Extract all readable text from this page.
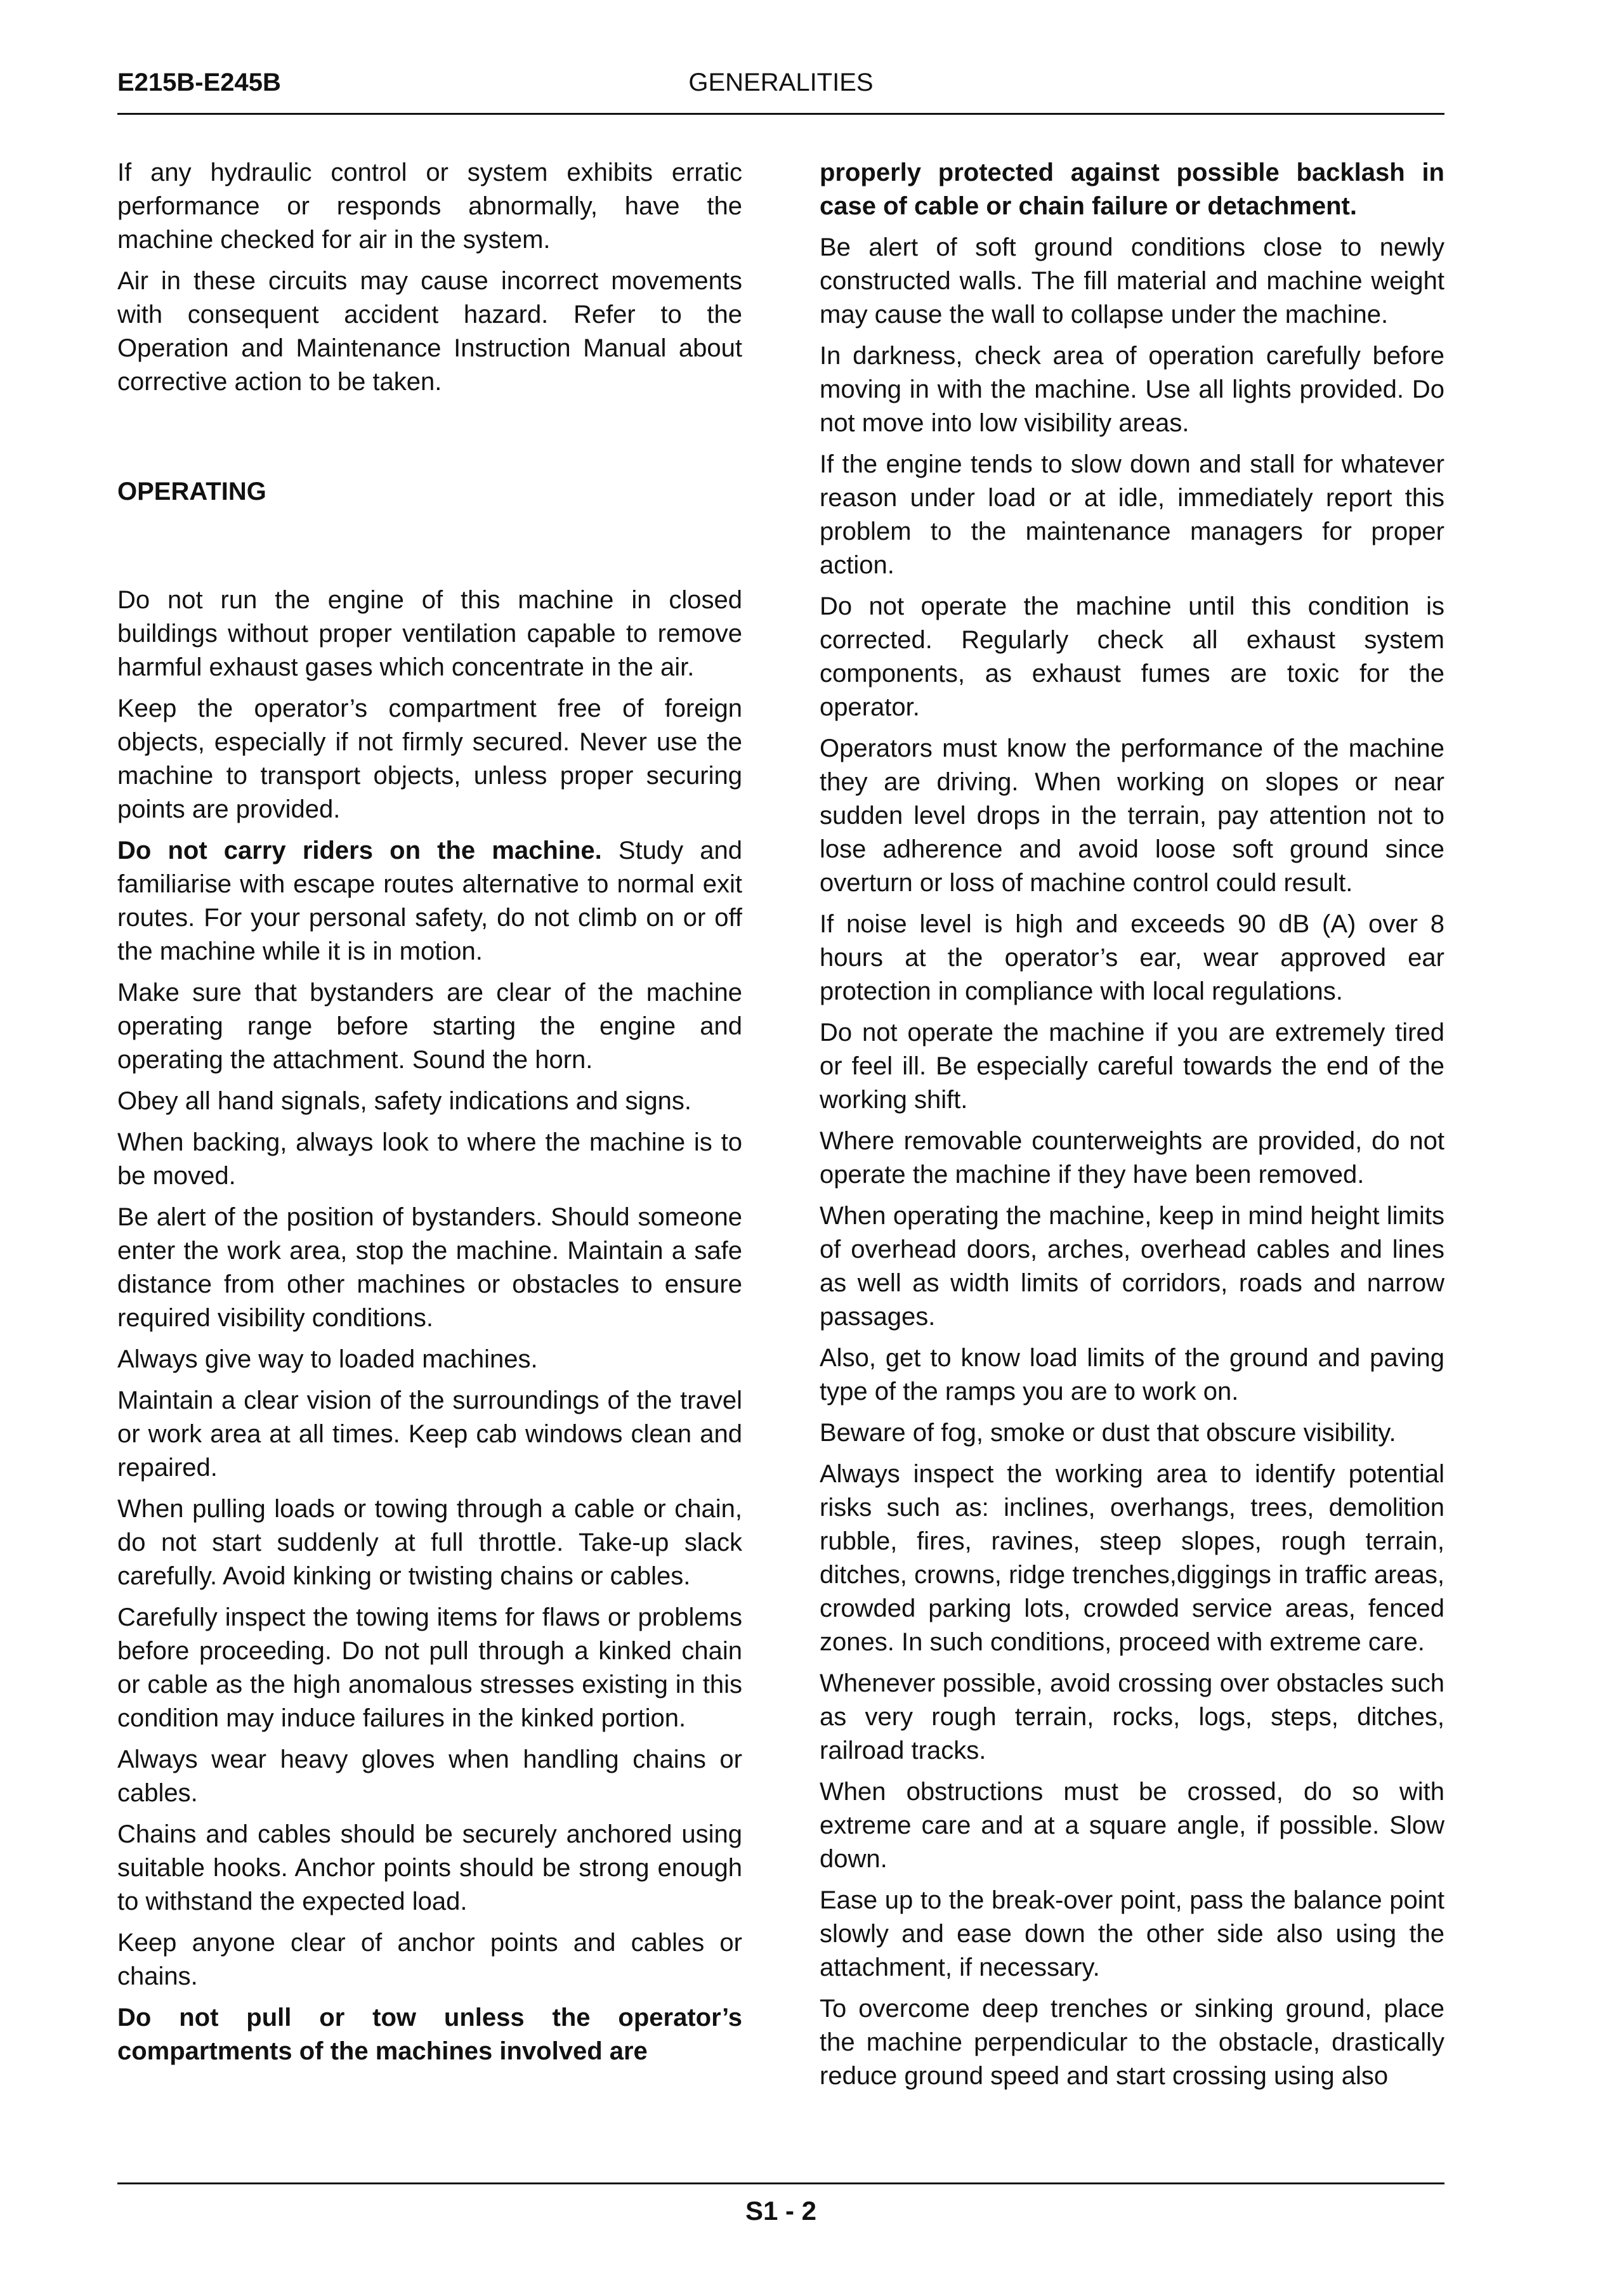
E215B-E245B	GENERALITIES

If any hydraulic control or system exhibits erratic performance or responds abnormally, have the machine checked for air in the system.

Air in these circuits may cause incorrect movements with consequent accident hazard. Refer to the Operation and Maintenance Instruction Manual about corrective action to be taken.

OPERATING

Do not run the engine of this machine in closed buildings without proper ventilation capable to remove harmful exhaust gases which concentrate in the air.

Keep the operator’s compartment free of foreign objects, especially if not firmly secured. Never use the machine to transport objects, unless proper securing points are provided.

Do not carry riders on the machine. Study and familiarise with escape routes alternative to normal exit routes. For your personal safety, do not climb on or off the machine while it is in motion.

Make sure that bystanders are clear of the machine operating range before starting the engine and operating the attachment. Sound the horn.

Obey all hand signals, safety indications and signs.

When backing, always look to where the machine is to be moved.

Be alert of the position of bystanders. Should someone enter the work area, stop the machine. Maintain a safe distance from other machines or obstacles to ensure required visibility conditions.

Always give way to loaded machines.

Maintain a clear vision of the surroundings of the travel or work area at all times. Keep cab windows clean and repaired.

When pulling loads or towing through a cable or chain, do not start suddenly at full throttle. Take-up slack carefully. Avoid kinking or twisting chains or cables.

Carefully inspect the towing items for flaws or problems before proceeding. Do not pull through a kinked chain or cable as the high anomalous stresses existing in this condition may induce failures in the kinked portion.

Always wear heavy gloves when handling chains or cables.

Chains and cables should be securely anchored using suitable hooks. Anchor points should be strong enough to withstand the expected load.

Keep anyone clear of anchor points and cables or chains.

Do not pull or tow unless the operator’s compartments of the machines involved are

properly protected against possible backlash in case of cable or chain failure or detachment.

Be alert of soft ground conditions close to newly constructed walls. The fill material and machine weight may cause the wall to collapse under the machine.

In darkness, check area of operation carefully before moving in with the machine. Use all lights provided. Do not move into low visibility areas.

If the engine tends to slow down and stall for whatever reason under load or at idle, immediately report this problem to the maintenance managers for proper action.

Do not operate the machine until this condition is corrected. Regularly check all exhaust system components, as exhaust fumes are toxic for the operator.

Operators must know the performance of the machine they are driving. When working on slopes or near sudden level drops in the terrain, pay attention not to lose adherence and avoid loose soft ground since overturn or loss of machine control could result.

If noise level is high and exceeds 90 dB (A) over 8 hours at the operator’s ear, wear approved ear protection in compliance with local regulations.

Do not operate the machine if you are extremely tired or feel ill. Be especially careful towards the end of the working shift.

Where removable counterweights are provided, do not operate the machine if they have been removed.

When operating the machine, keep in mind height limits of overhead doors, arches, overhead cables and lines as well as width limits of corridors, roads and narrow passages.

Also, get to know load limits of the ground and paving type of the ramps you are to work on.

Beware of fog, smoke or dust that obscure visibility.

Always inspect the working area to identify potential risks such as: inclines, overhangs, trees, demolition rubble, fires, ravines, steep slopes, rough terrain, ditches, crowns, ridge trenches,diggings in traffic areas, crowded parking lots, crowded service areas, fenced zones. In such conditions, proceed with extreme care.

Whenever possible, avoid crossing over obstacles such as very rough terrain, rocks, logs, steps, ditches, railroad tracks.

When obstructions must be crossed, do so with extreme care and at a square angle, if possible. Slow down.

Ease up to the break-over point, pass the balance point slowly and ease down the other side also using the attachment, if necessary.

To overcome deep trenches or sinking ground, place the machine perpendicular to the obstacle, drastically reduce ground speed and start crossing using also

S1 - 2
